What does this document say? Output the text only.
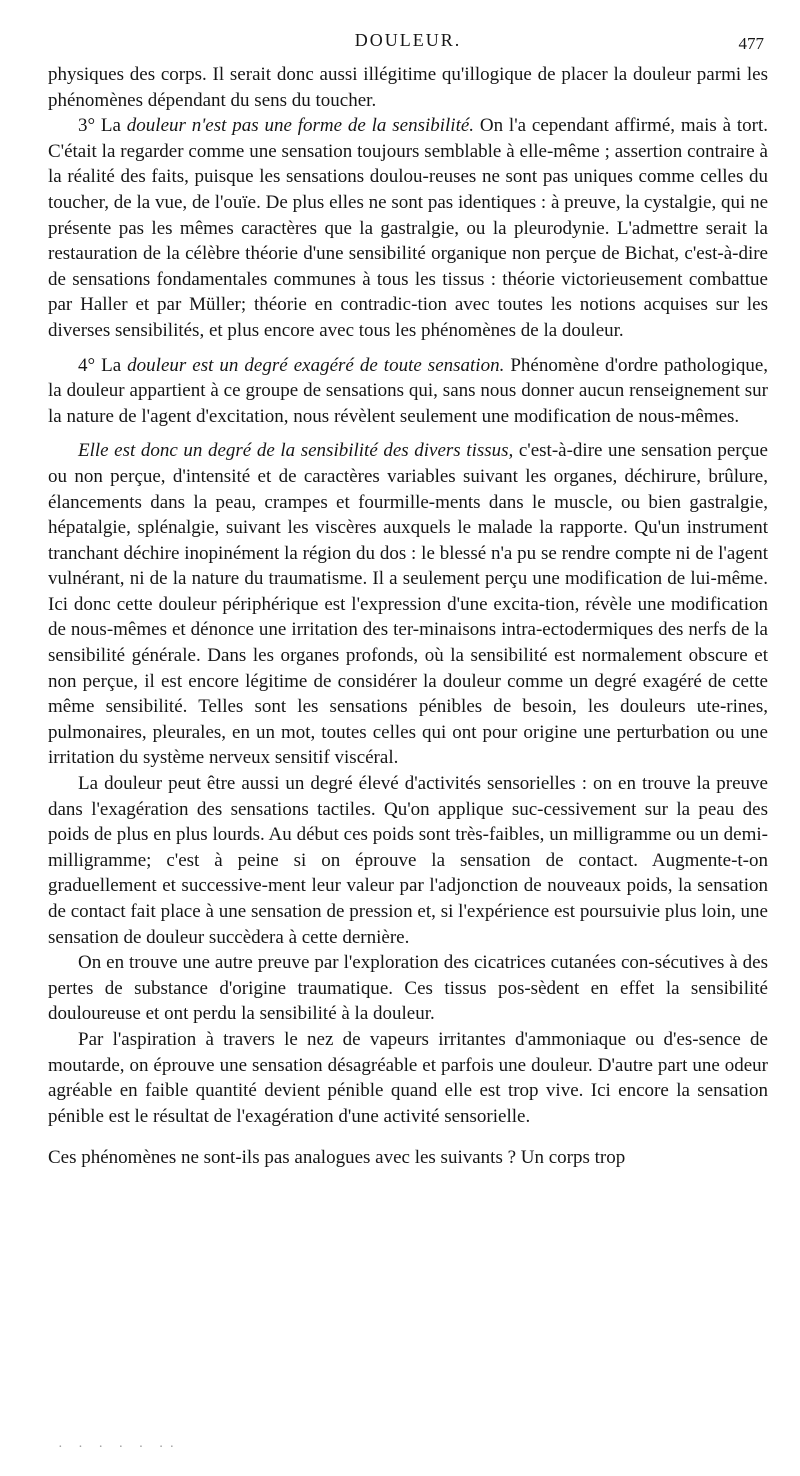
DOULEUR.	477

physiques des corps. Il serait donc aussi illégitime qu'illogique de placer la douleur parmi les phénomènes dépendant du sens du toucher.

3° La douleur n'est pas une forme de la sensibilité. On l'a cependant affirmé, mais à tort. C'était la regarder comme une sensation toujours semblable à elle-même ; assertion contraire à la réalité des faits, puisque les sensations doulou-reuses ne sont pas uniques comme celles du toucher, de la vue, de l'ouïe. De plus elles ne sont pas identiques : à preuve, la cystalgie, qui ne présente pas les mêmes caractères que la gastralgie, ou la pleurodynie. L'admettre serait la restauration de la célèbre théorie d'une sensibilité organique non perçue de Bichat, c'est-à-dire de sensations fondamentales communes à tous les tissus : théorie victorieusement combattue par Haller et par Müller; théorie en contradic-tion avec toutes les notions acquises sur les diverses sensibilités, et plus encore avec tous les phénomènes de la douleur.

4° La douleur est un degré exagéré de toute sensation. Phénomène d'ordre pathologique, la douleur appartient à ce groupe de sensations qui, sans nous donner aucun renseignement sur la nature de l'agent d'excitation, nous révèlent seulement une modification de nous-mêmes.

Elle est donc un degré de la sensibilité des divers tissus, c'est-à-dire une sensation perçue ou non perçue, d'intensité et de caractères variables suivant les organes, déchirure, brûlure, élancements dans la peau, crampes et fourmille-ments dans le muscle, ou bien gastralgie, hépatalgie, splénalgie, suivant les viscères auxquels le malade la rapporte. Qu'un instrument tranchant déchire inopinément la région du dos : le blessé n'a pu se rendre compte ni de l'agent vulnérant, ni de la nature du traumatisme. Il a seulement perçu une modification de lui-même. Ici donc cette douleur périphérique est l'expression d'une excita-tion, révèle une modification de nous-mêmes et dénonce une irritation des ter-minaisons intra-ectodermiques des nerfs de la sensibilité générale. Dans les organes profonds, où la sensibilité est normalement obscure et non perçue, il est encore légitime de considérer la douleur comme un degré exagéré de cette même sensibilité. Telles sont les sensations pénibles de besoin, les douleurs ute-rines, pulmonaires, pleurales, en un mot, toutes celles qui ont pour origine une perturbation ou une irritation du système nerveux sensitif viscéral.

La douleur peut être aussi un degré élevé d'activités sensorielles : on en trouve la preuve dans l'exagération des sensations tactiles. Qu'on applique suc-cessivement sur la peau des poids de plus en plus lourds. Au début ces poids sont très-faibles, un milligramme ou un demi-milligramme; c'est à peine si on éprouve la sensation de contact. Augmente-t-on graduellement et successive-ment leur valeur par l'adjonction de nouveaux poids, la sensation de contact fait place à une sensation de pression et, si l'expérience est poursuivie plus loin, une sensation de douleur succèdera à cette dernière.

On en trouve une autre preuve par l'exploration des cicatrices cutanées con-sécutives à des pertes de substance d'origine traumatique. Ces tissus pos-sèdent en effet la sensibilité douloureuse et ont perdu la sensibilité à la douleur.

Par l'aspiration à travers le nez de vapeurs irritantes d'ammoniaque ou d'es-sence de moutarde, on éprouve une sensation désagréable et parfois une douleur. D'autre part une odeur agréable en faible quantité devient pénible quand elle est trop vive. Ici encore la sensation pénible est le résultat de l'exagération d'une activité sensorielle.

Ces phénomènes ne sont-ils pas analogues avec les suivants ? Un corps trop

· · · · · ··
